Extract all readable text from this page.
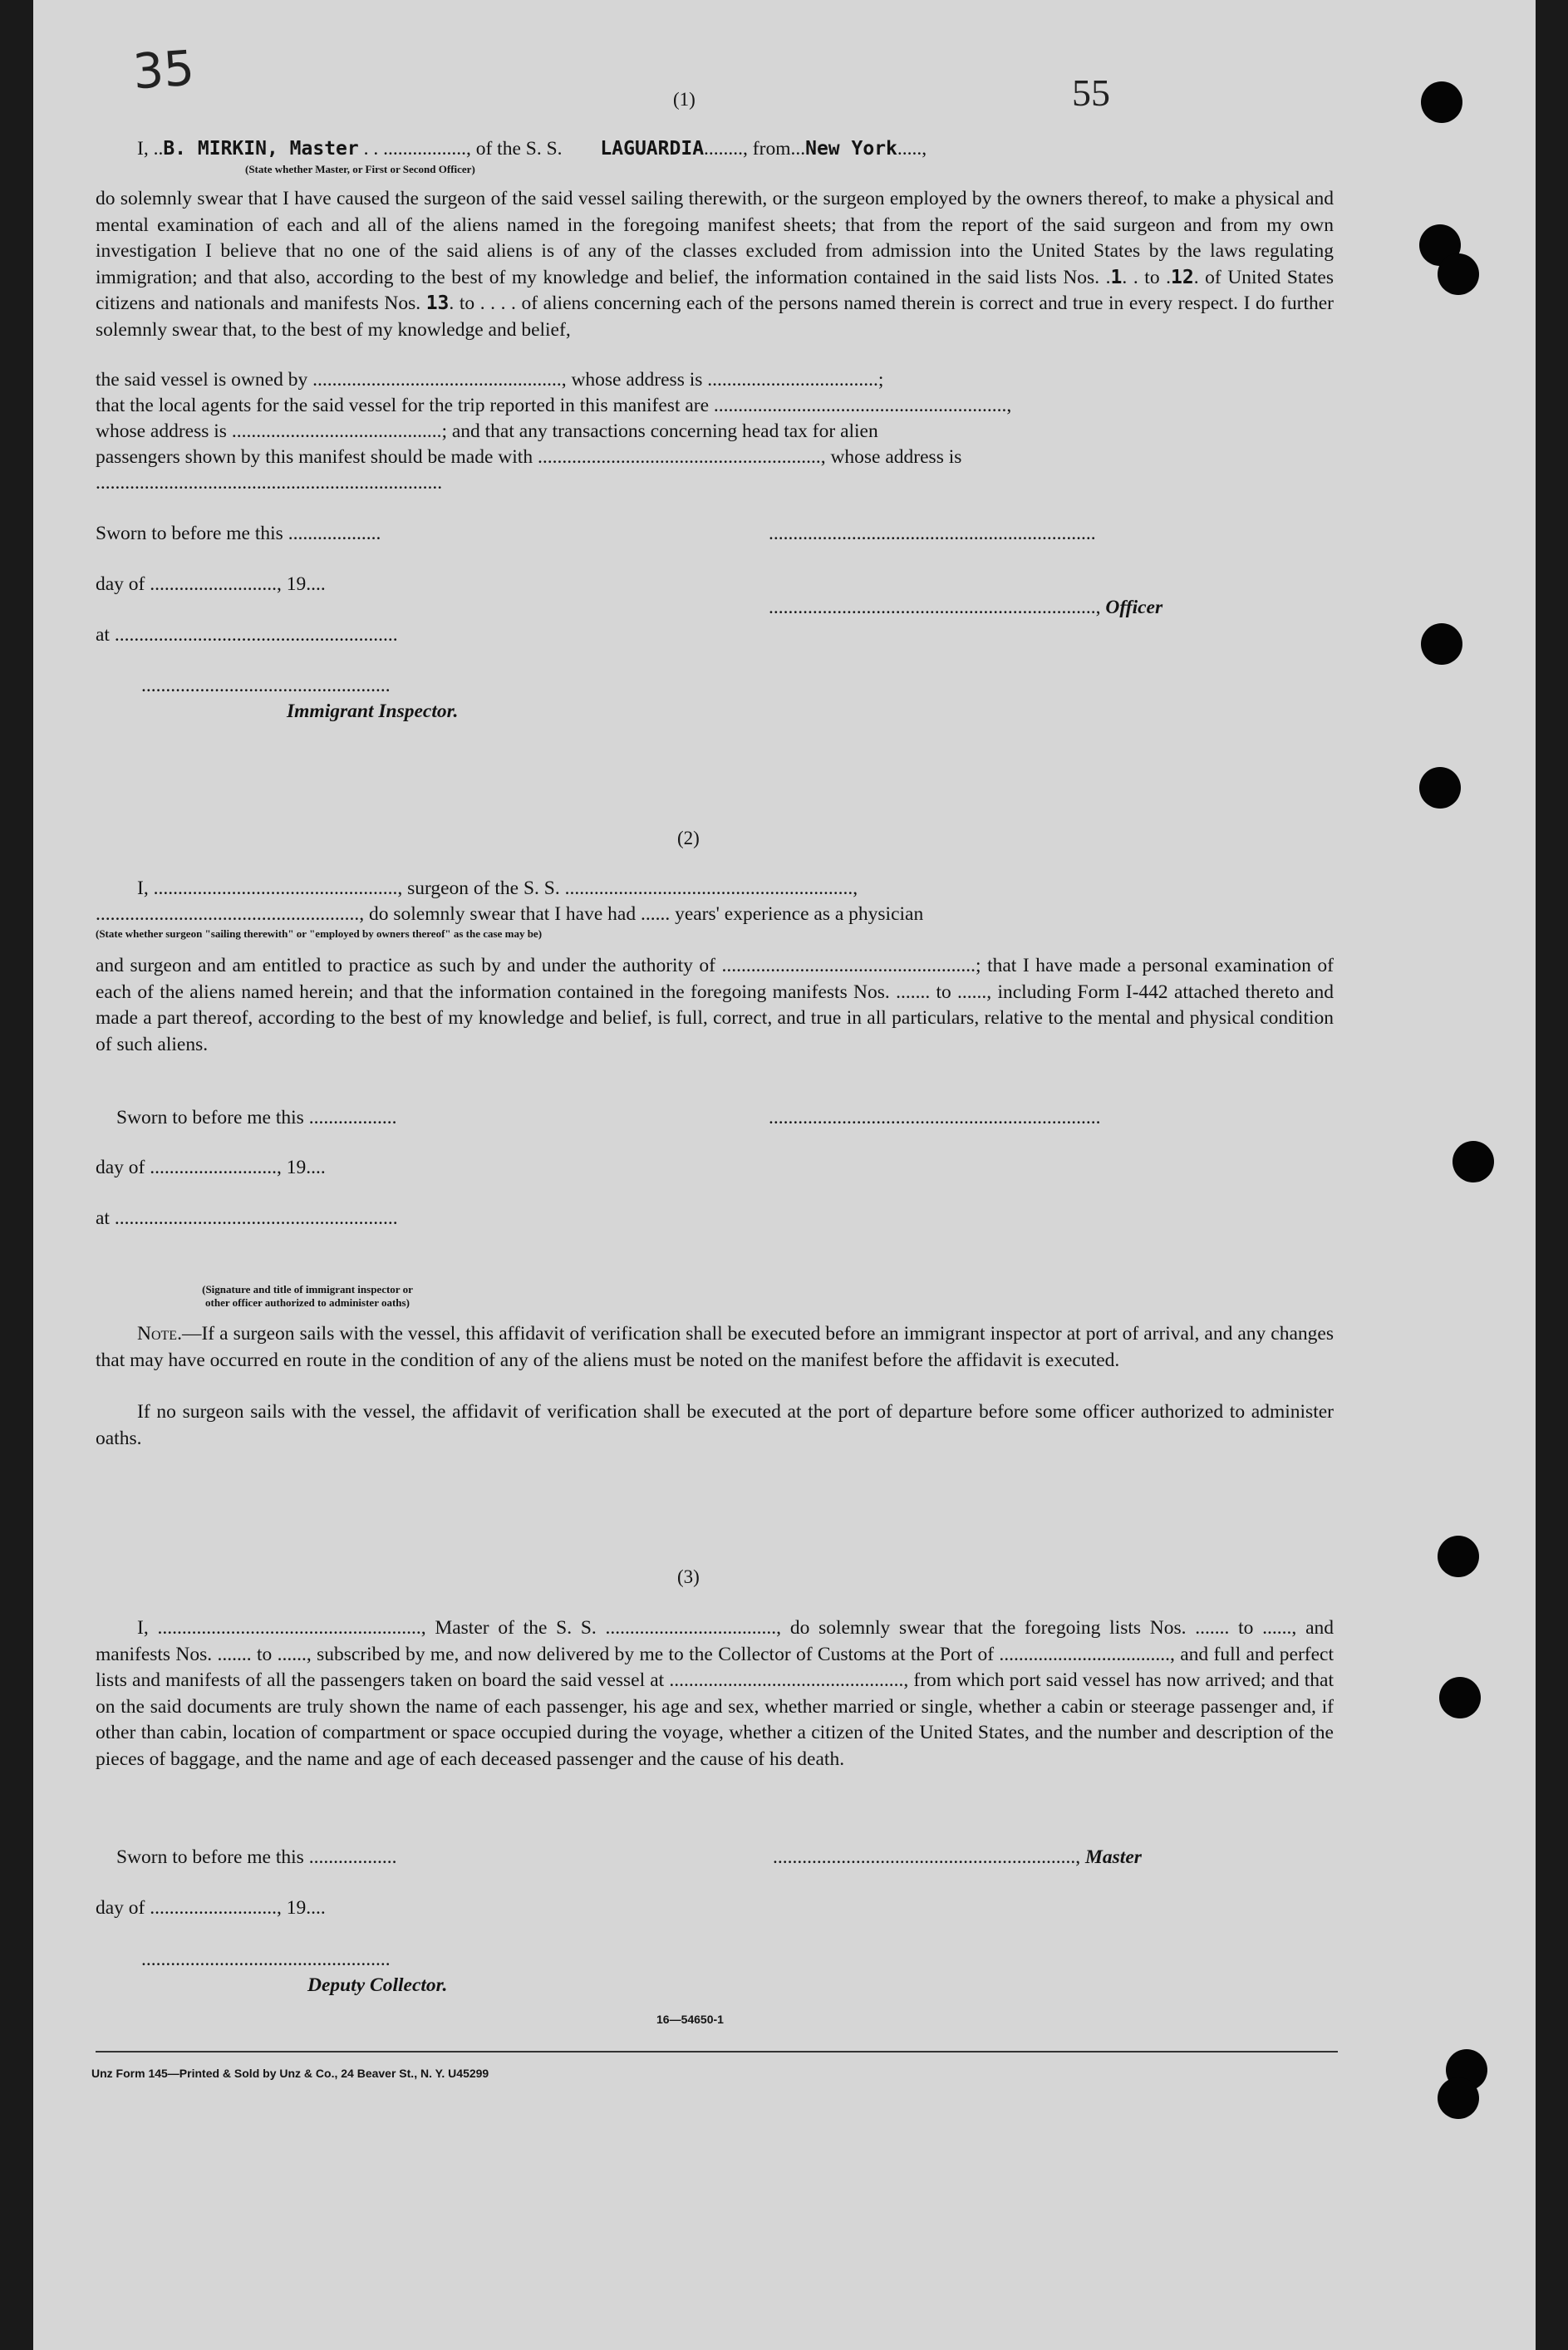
35	55
(1)
I, ..B. MIRKIN, Master . . ................., of the S. S. LAGUARDIA........, from...New York.....,
(State whether Master, or First or Second Officer)

do solemnly swear that I have caused the surgeon of the said vessel sailing therewith, or the surgeon employed by the owners thereof, to make a physical and mental examination of each and all of the aliens named in the foregoing manifest sheets; that from the report of the said surgeon and from my own investigation I believe that no one of the said aliens is of any of the classes excluded from admission into the United States by the laws regulating immigration; and that also, according to the best of my knowledge and belief, the information contained in the said lists Nos. .1. . to .12. of United States citizens and nationals and manifests Nos. 13. to . . . . of aliens concerning each of the persons named therein is correct and true in every respect. I do further solemnly swear that, to the best of my knowledge and belief,

the said vessel is owned by ..................................................., whose address is ...................................;
that the local agents for the said vessel for the trip reported in this manifest are ............................................................,
whose address is ...........................................; and that any transactions concerning head tax for alien
passengers shown by this manifest should be made with .........................................................., whose address is
.......................................................................
Sworn to before me this ...................	...................................................................
day of .........................., 19....
..................................................................., Officer
at ..........................................................
...................................................
Immigrant Inspector.
(2)
I, .................................................., surgeon of the S. S. ...........................................................,
......................................................, do solemnly swear that I have had ...... years' experience as a physician
(State whether surgeon "sailing therewith" or "employed by owners thereof" as the case may be)

and surgeon and am entitled to practice as such by and under the authority of ....................................................; that I have made a personal examination of each of the aliens named herein; and that the information contained in the foregoing manifests Nos. ....... to ......, including Form I-442 attached thereto and made a part thereof, according to the best of my knowledge and belief, is full, correct, and true in all particulars, relative to the mental and physical condition of such aliens.

Sworn to before me this ..................	....................................................................
day of .........................., 19....
at ..........................................................
(Signature and title of immigrant inspector or
other officer authorized to administer oaths)

Note.—If a surgeon sails with the vessel, this affidavit of verification shall be executed before an immigrant inspector at port of arrival, and any changes that may have occurred en route in the condition of any of the aliens must be noted on the manifest before the affidavit is executed.

If no surgeon sails with the vessel, the affidavit of verification shall be executed at the port of departure before some officer authorized to administer oaths.

(3)

I, ......................................................, Master of the S. S. ..................................., do solemnly swear that the foregoing lists Nos. ....... to ......, and manifests Nos. ....... to ......, subscribed by me, and now delivered by me to the Collector of Customs at the Port of ..................................., and full and perfect lists and manifests of all the passengers taken on board the said vessel at ................................................, from which port said vessel has now arrived; and that on the said documents are truly shown the name of each passenger, his age and sex, whether married or single, whether a cabin or steerage passenger and, if other than cabin, location of compartment or space occupied during the voyage, whether a citizen of the United States, and the number and description of the pieces of baggage, and the name and age of each deceased passenger and the cause of his death.

Sworn to before me this ..................	.............................................................., Master
day of .........................., 19....
...................................................
Deputy Collector.
16—54650-1
Unz Form 145—Printed & Sold by Unz & Co., 24 Beaver St., N. Y. U45299
